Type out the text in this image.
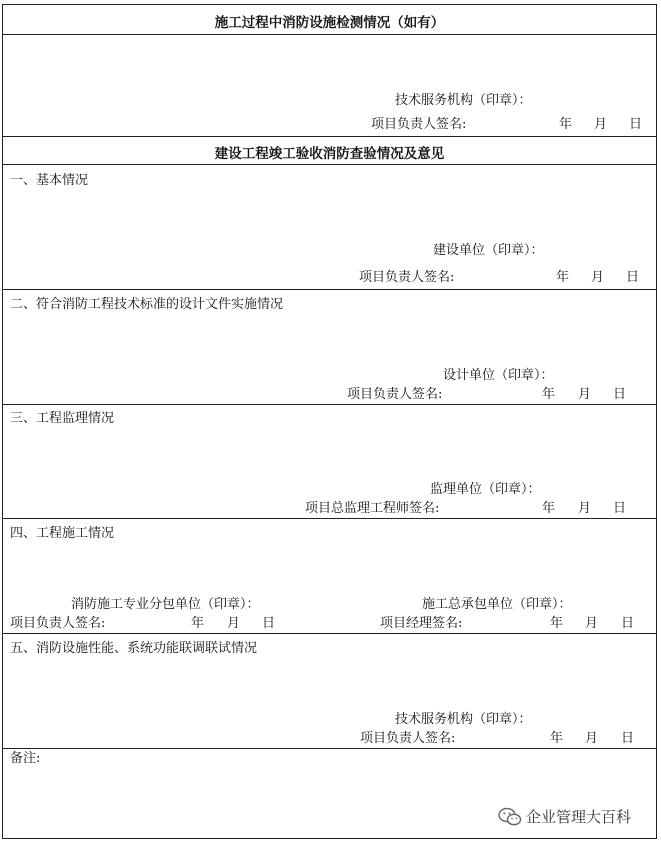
施工过程中消防设施检测情况（如有）
技术服务机构（印章）：
项目负责人签名:	年 月 日
建设工程竣工验收消防查验情况及意见
一、基本情况
建设单位（印章）：
项目负责人签名:	年 月 日
二、符合消防工程技术标准的设计文件实施情况
设计单位（印章）：
项目负责人签名:	年 月 日
三、工程监理情况
监理单位（印章）：
项目总监理工程师签名:	年 月 日
四、工程施工情况
消防施工专业分包单位（印章）：	施工总承包单位（印章）：
项目负责人签名:	年 月 日	项目经理签名:	年 月 日
五、消防设施性能、系统功能联调联试情况
技术服务机构（印章）：
项目负责人签名:	年 月 日
备注:
企业管理大百科
